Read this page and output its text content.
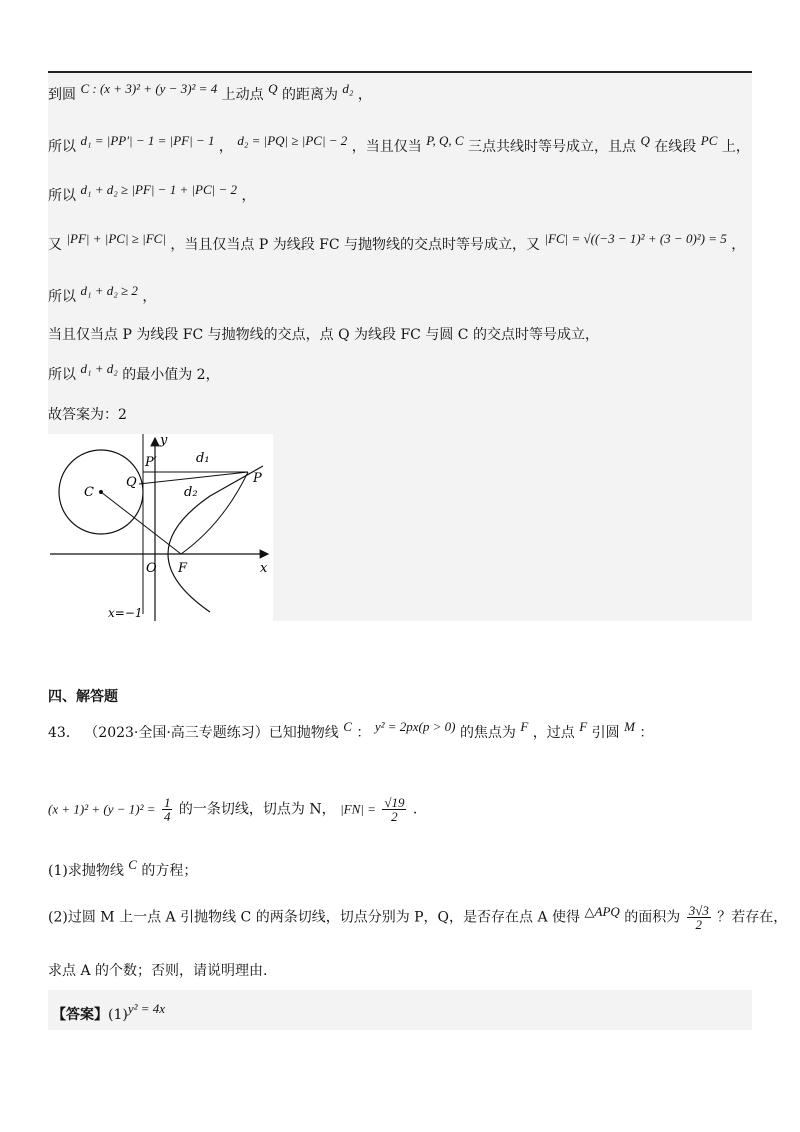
到圆 C : (x + 3)² + (y − 3)² = 4 上动点 Q 的距离为 d₂ ，
所以 d₁ = |PP′| − 1 = |PF| − 1 ， d₂ = |PQ| ≥ |PC| − 2 ，当且仅当 P, Q, C 三点共线时等号成立，且点 Q 在线段 PC 上，
所以 d₁ + d₂ ≥ |PF| − 1 + |PC| − 2 ，
又 |PF| + |PC| ≥ |FC| ，当且仅当点 P 为线段 FC 与抛物线的交点时等号成立，又 |FC| = √((−3 − 1)² + (3 − 0)²) = 5 ，
所以 d₁ + d₂ ≥ 2 ，
当且仅当点 P 为线段 FC 与抛物线的交点，点 Q 为线段 FC 与圆 C 的交点时等号成立，
所以 d₁ + d₂ 的最小值为 2，
故答案为：2
y
P′	d₁
C
Q	P
d₂
O F	x
x=−1
四、解答题
43． （2023·全国·高三专题练习）已知抛物线 C ： y² = 2px(p > 0) 的焦点为 F ，过点 F 引圆 M ：
$(x + 1)^2 + (y - 1)^2 = \frac{1}{4}$ 的一条切线，切点为 N， $|FN| = \frac{√19}{2}$ .
(1)求抛物线 C 的方程；
(2)过圆 M 上一点 A 引抛物线 C 的两条切线，切点分别为 P，Q，是否存在点 A 使得 △APQ 的面积为 $\frac{3√3}{2}$ ？若存在，
求点 A 的个数；否则，请说明理由.
【答案】(1)y² = 4x
